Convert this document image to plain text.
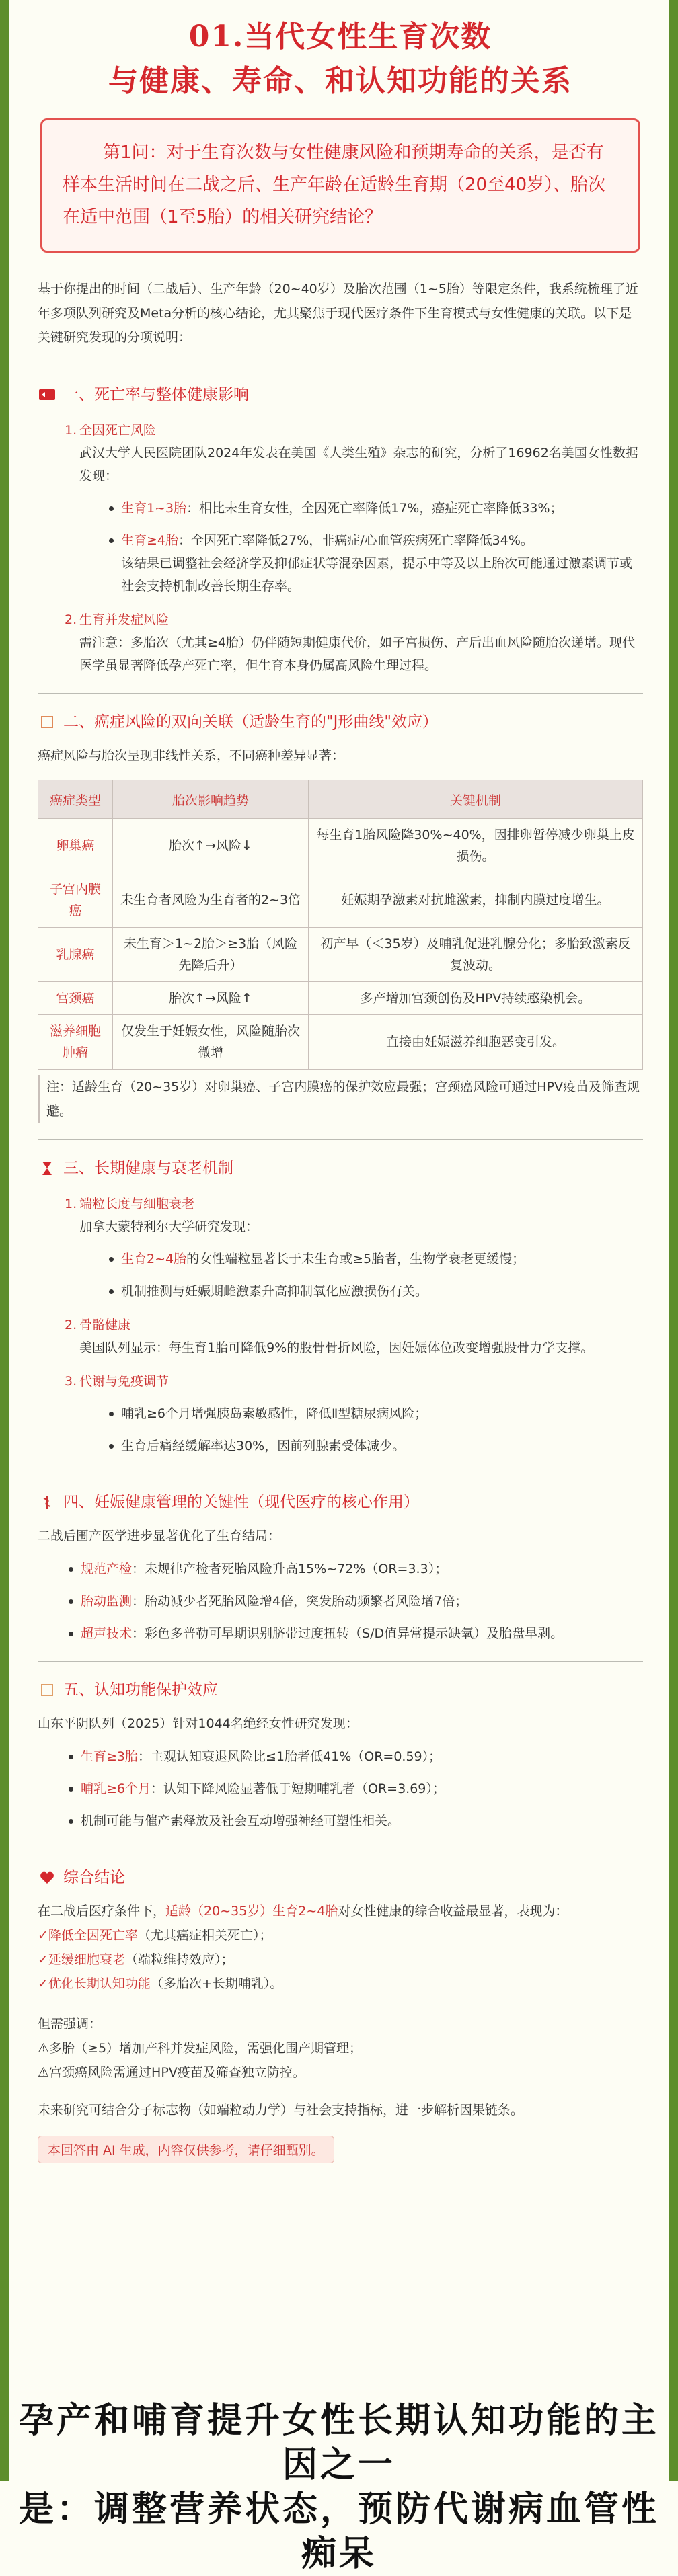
01.当代女性生育次数
与健康、寿命、和认知功能的关系
第1问：对于生育次数与女性健康风险和预期寿命的关系，是否有样本生活时间在二战之后、生产年龄在适龄生育期（20至40岁）、胎次在适中范围（1至5胎）的相关研究结论？
基于你提出的时间（二战后）、生产年龄（20~40岁）及胎次范围（1~5胎）等限定条件，我系统梳理了近年多项队列研究及Meta分析的核心结论，尤其聚焦于现代医疗条件下生育模式与女性健康的关联。以下是关键研究发现的分项说明：
一、死亡率与整体健康影响
1. 全因死亡风险
武汉大学人民医院团队2024年发表在美国《人类生殖》杂志的研究，分析了16962名美国女性数据发现：
生育1~3胎：相比未生育女性，全因死亡率降低17%，癌症死亡率降低33%；
生育≥4胎：全因死亡率降低27%，非癌症/心血管疾病死亡率降低34%。
该结果已调整社会经济学及抑郁症状等混杂因素，提示中等及以上胎次可能通过激素调节或社会支持机制改善长期生存率。
2. 生育并发症风险
需注意：多胎次（尤其≥4胎）仍伴随短期健康代价，如子宫损伤、产后出血风险随胎次递增。现代医学虽显著降低孕产死亡率，但生育本身仍属高风险生理过程。
二、癌症风险的双向关联（适龄生育的"J形曲线"效应）
癌症风险与胎次呈现非线性关系，不同癌种差异显著：
癌症类型	胎次影响趋势	关键机制
卵巢癌	胎次↑→风险↓	每生育1胎风险降30%~40%，因排卵暂停减少卵巢上皮损伤。
子宫内膜癌	未生育者风险为生育者的2~3倍	妊娠期孕激素对抗雌激素，抑制内膜过度增生。
乳腺癌	未生育＞1~2胎＞≥3胎（风险先降后升）	初产早（＜35岁）及哺乳促进乳腺分化；多胎致激素反复波动。
宫颈癌	胎次↑→风险↑	多产增加宫颈创伤及HPV持续感染机会。
滋养细胞肿瘤	仅发生于妊娠女性，风险随胎次微增	直接由妊娠滋养细胞恶变引发。
注：适龄生育（20~35岁）对卵巢癌、子宫内膜癌的保护效应最强；宫颈癌风险可通过HPV疫苗及筛查规避。
三、长期健康与衰老机制
1. 端粒长度与细胞衰老
加拿大蒙特利尔大学研究发现：
生育2~4胎的女性端粒显著长于未生育或≥5胎者，生物学衰老更缓慢；
机制推测与妊娠期雌激素升高抑制氧化应激损伤有关。
2. 骨骼健康
美国队列显示：每生育1胎可降低9%的股骨骨折风险，因妊娠体位改变增强股骨力学支撑。
3. 代谢与免疫调节
哺乳≥6个月增强胰岛素敏感性，降低Ⅱ型糖尿病风险；
生育后痛经缓解率达30%，因前列腺素受体减少。
四、妊娠健康管理的关键性（现代医疗的核心作用）
二战后围产医学进步显著优化了生育结局：
规范产检：未规律产检者死胎风险升高15%~72%（OR=3.3）；
胎动监测：胎动减少者死胎风险增4倍，突发胎动频繁者风险增7倍；
超声技术：彩色多普勒可早期识别脐带过度扭转（S/D值异常提示缺氧）及胎盘早剥。
五、认知功能保护效应
山东平阴队列（2025）针对1044名绝经女性研究发现：
生育≥3胎：主观认知衰退风险比≤1胎者低41%（OR=0.59）；
哺乳≥6个月：认知下降风险显著低于短期哺乳者（OR=3.69）；
机制可能与催产素释放及社会互动增强神经可塑性相关。
综合结论
在二战后医疗条件下，适龄（20~35岁）生育2~4胎对女性健康的综合收益最显著，表现为：
✓降低全因死亡率（尤其癌症相关死亡）；
✓延缓细胞衰老（端粒维持效应）；
✓优化长期认知功能（多胎次+长期哺乳）。
但需强调：
⚠多胎（≥5）增加产科并发症风险，需强化围产期管理；
⚠宫颈癌风险需通过HPV疫苗及筛查独立防控。
未来研究可结合分子标志物（如端粒动力学）与社会支持指标，进一步解析因果链条。
本回答由 AI 生成，内容仅供参考，请仔细甄别。
孕产和哺育提升女性长期认知功能的主因之一
是：调整营养状态，预防代谢病血管性痴呆
